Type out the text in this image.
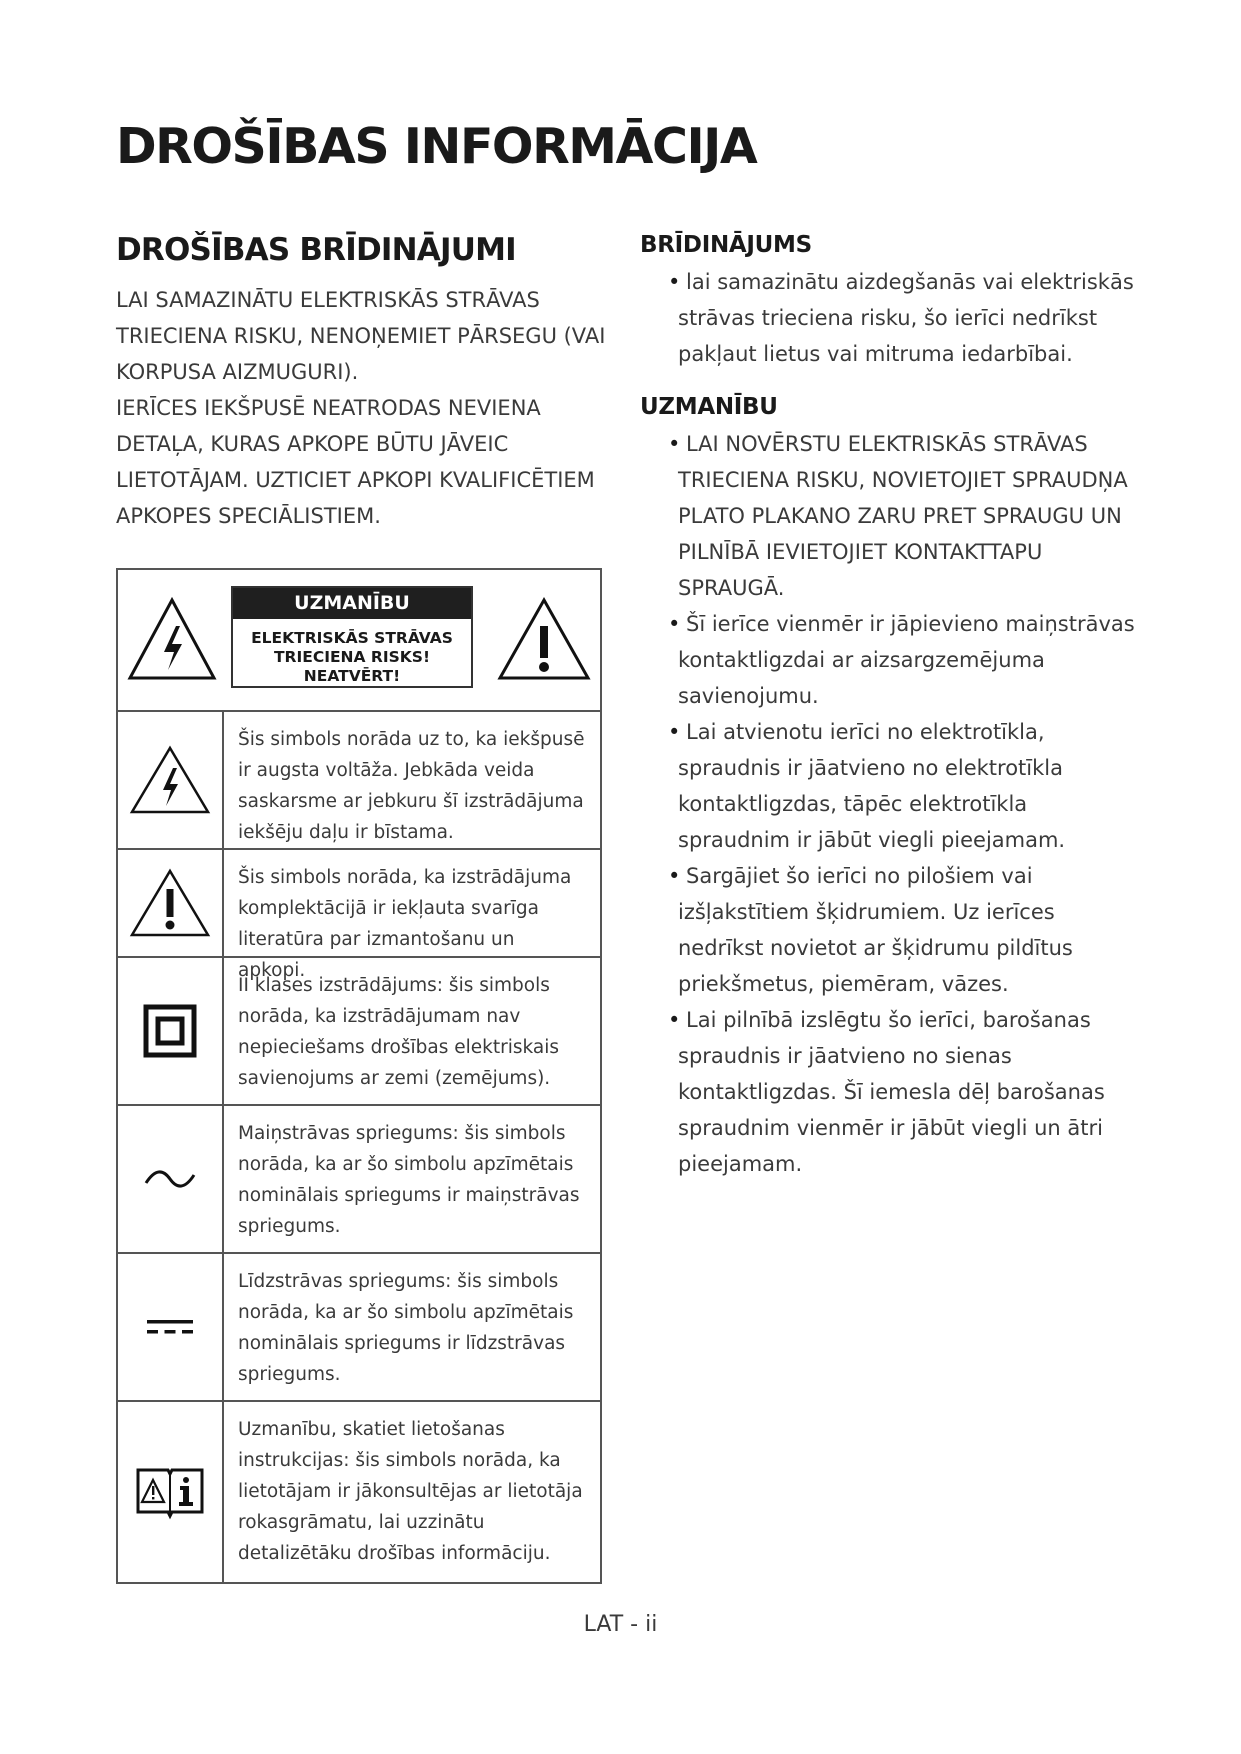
DROŠĪBAS INFORMĀCIJA
DROŠĪBAS BRĪDINĀJUMI

LAI SAMAZINĀTU ELEKTRISKĀS STRĀVAS TRIECIENA RISKU, NENOŅEMIET PĀRSEGU (VAI KORPUSA AIZMUGURI).

IERĪCES IEKŠPUSĒ NEATRODAS NEVIENA DETAĻA, KURAS APKOPE BŪTU JĀVEIC LIETOTĀJAM. UZTICIET APKOPI KVALIFICĒTIEM APKOPES SPECIĀLISTIEM.

UZMANĪBU
ELEKTRISKĀS STRĀVAS
TRIECIENA RISKS!
NEATVĒRT!
Šis simbols norāda uz to, ka iekšpusē ir augsta voltāža. Jebkāda veida saskarsme ar jebkuru šī izstrādājuma iekšēju daļu ir bīstama.
Šis simbols norāda, ka izstrādājuma komplektācijā ir iekļauta svarīga literatūra par izmantošanu un apkopi.
II klases izstrādājums: šis simbols norāda, ka izstrādājumam nav nepieciešams drošības elektriskais savienojums ar zemi (zemējums).
Maiņstrāvas spriegums: šis simbols norāda, ka ar šo simbolu apzīmētais nominālais spriegums ir maiņstrāvas spriegums.
Līdzstrāvas spriegums: šis simbols norāda, ka ar šo simbolu apzīmētais nominālais spriegums ir līdzstrāvas spriegums.
Uzmanību, skatiet lietošanas instrukcijas: šis simbols norāda, ka lietotājam ir jākonsultējas ar lietotāja rokasgrāmatu, lai uzzinātu detalizētāku drošības informāciju.
BRĪDINĀJUMS
• lai samazinātu aizdegšanās vai elektriskās strāvas trieciena risku, šo ierīci nedrīkst pakļaut lietus vai mitruma iedarbībai.
UZMANĪBU
• LAI NOVĒRSTU ELEKTRISKĀS STRĀVAS TRIECIENA RISKU, NOVIETOJIET SPRAUDŅA PLATO PLAKANO ZARU PRET SPRAUGU UN PILNĪBĀ IEVIETOJIET KONTAKTTAPU SPRAUGĀ.
• Šī ierīce vienmēr ir jāpievieno maiņstrāvas kontaktligzdai ar aizsargzemējuma savienojumu.
• Lai atvienotu ierīci no elektrotīkla, spraudnis ir jāatvieno no elektrotīkla kontaktligzdas, tāpēc elektrotīkla spraudnim ir jābūt viegli pieejamam.
• Sargājiet šo ierīci no pilošiem vai izšļakstītiem šķidrumiem. Uz ierīces nedrīkst novietot ar šķidrumu pildītus priekšmetus, piemēram, vāzes.
• Lai pilnībā izslēgtu šo ierīci, barošanas spraudnis ir jāatvieno no sienas kontaktligzdas. Šī iemesla dēļ barošanas spraudnim vienmēr ir jābūt viegli un ātri pieejamam.
LAT - ii
